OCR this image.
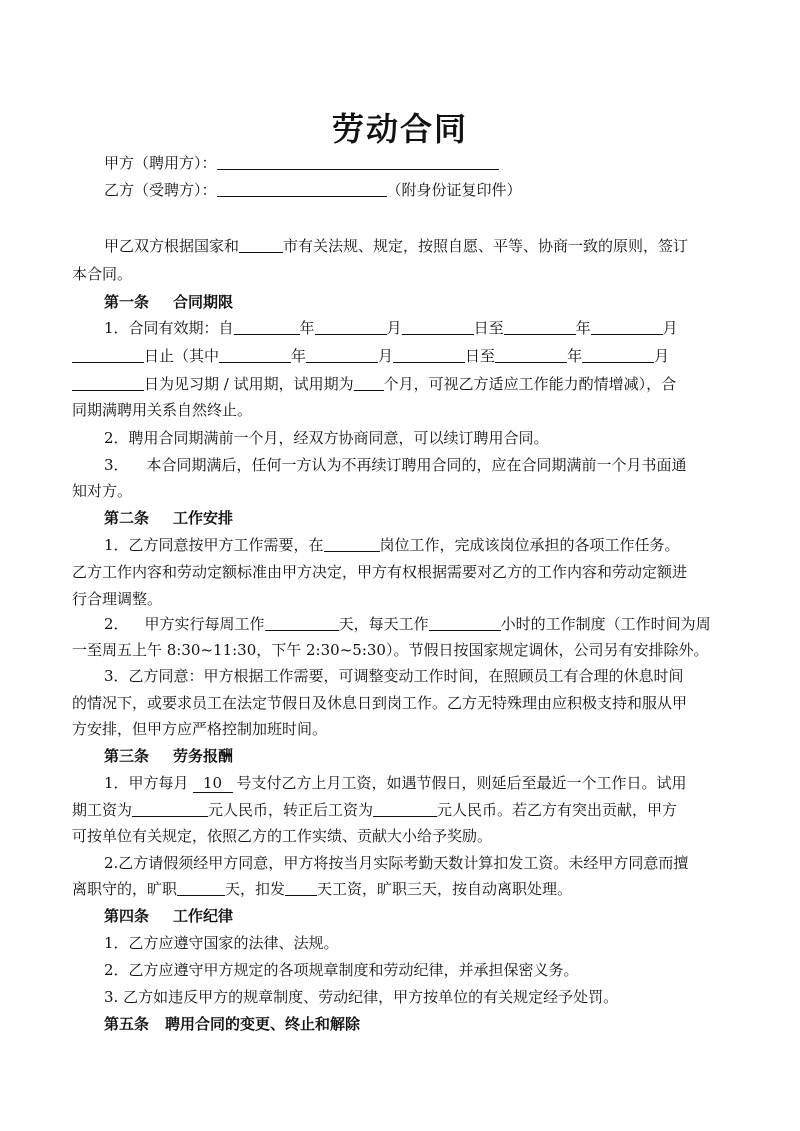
劳动合同
甲方（聘用方）：
乙方（受聘方）：	（附身份证复印件）
甲乙双方根据国家和	市有关法规、规定，按照自愿、平等、协商一致的原则，签订
本合同。
第一条 合同期限
1．合同有效期：自	年	月	日至	年	月
日止（其中	年	月	日至	年	月
日为见习期 / 试用期，试用期为 个月，可视乙方适应工作能力酌情增减），合
同期满聘用关系自然终止。
2．聘用合同期满前一个月，经双方协商同意，可以续订聘用合同。
3． 本合同期满后，任何一方认为不再续订聘用合同的，应在合同期满前一个月书面通
知对方。
第二条 工作安排
1．乙方同意按甲方工作需要，在	岗位工作，完成该岗位承担的各项工作任务。
乙方工作内容和劳动定额标准由甲方决定，甲方有权根据需要对乙方的工作内容和劳动定额进
行合理调整。
2． 甲方实行每周工作	天，每天工作	小时的工作制度（工作时间为周
一至周五上午 8:30~11:30，下午 2:30~5:30）。节假日按国家规定调休，公司另有安排除外。
3．乙方同意：甲方根据工作需要，可调整变动工作时间，在照顾员工有合理的休息时间
的情况下，或要求员工在法定节假日及休息日到岗工作。乙方无特殊理由应积极支持和服从甲
方安排，但甲方应严格控制加班时间。
第三条 劳务报酬
1．甲方每月 10 号支付乙方上月工资，如遇节假日，则延后至最近一个工作日。试用
期工资为	元人民币，转正后工资为	元人民币。若乙方有突出贡献，甲方
可按单位有关规定，依照乙方的工作实绩、贡献大小给予奖励。
2.乙方请假须经甲方同意，甲方将按当月实际考勤天数计算扣发工资。未经甲方同意而擅
离职守的，旷职	天，扣发 天工资，旷职三天，按自动离职处理。
第四条 工作纪律
1．乙方应遵守国家的法律、法规。
2．乙方应遵守甲方规定的各项规章制度和劳动纪律，并承担保密义务。
3. 乙方如违反甲方的规章制度、劳动纪律，甲方按单位的有关规定经予处罚。
第五条 聘用合同的变更、终止和解除
